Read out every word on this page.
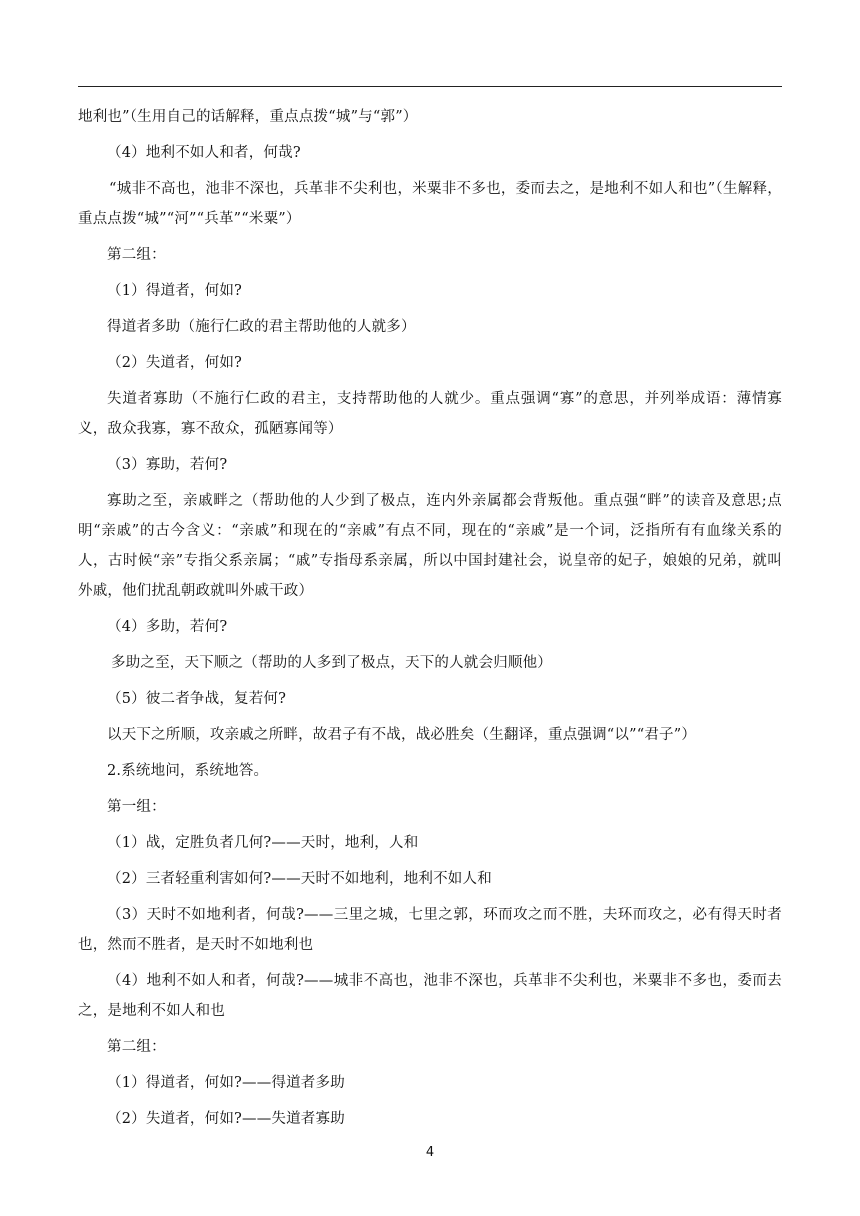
地利也”（生用自己的话解释，重点点拨“城”与“郭”）

（4）地利不如人和者，何哉?

“城非不高也，池非不深也，兵革非不尖利也，米粟非不多也，委而去之，是地利不如人和也”（生解释，重点点拨“城”“河”“兵革”“米粟”）

第二组：

（1）得道者，何如?

得道者多助（施行仁政的君主帮助他的人就多）

（2）失道者，何如?

失道者寡助（不施行仁政的君主，支持帮助他的人就少。重点强调“寡”的意思，并列举成语：薄情寡义，敌众我寡，寡不敌众，孤陋寡闻等）

（3）寡助，若何?

寡助之至，亲戚畔之（帮助他的人少到了极点，连内外亲属都会背叛他。重点强“畔”的读音及意思;点明“亲戚”的古今含义：“亲戚”和现在的“亲戚”有点不同，现在的“亲戚”是一个词，泛指所有有血缘关系的人，古时候“亲”专指父系亲属；“戚”专指母系亲属，所以中国封建社会，说皇帝的妃子，娘娘的兄弟，就叫外戚，他们扰乱朝政就叫外戚干政）

（4）多助，若何?

多助之至，天下顺之（帮助的人多到了极点，天下的人就会归顺他）

（5）彼二者争战，复若何?

以天下之所顺，攻亲戚之所畔，故君子有不战，战必胜矣（生翻译，重点强调“以”“君子”）

2.系统地问，系统地答。

第一组：

（1）战，定胜负者几何?——天时，地利，人和

（2）三者轻重利害如何?——天时不如地利，地利不如人和

（3）天时不如地利者，何哉?——三里之城，七里之郭，环而攻之而不胜，夫环而攻之，必有得天时者也，然而不胜者，是天时不如地利也

（4）地利不如人和者，何哉?——城非不高也，池非不深也，兵革非不尖利也，米粟非不多也，委而去之，是地利不如人和也

第二组：

（1）得道者，何如?——得道者多助

（2）失道者，何如?——失道者寡助

4
